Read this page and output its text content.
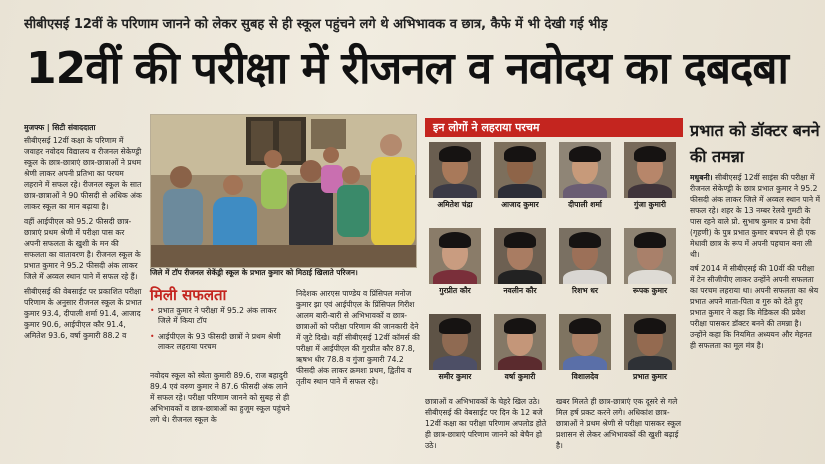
सीबीएसई 12वीं के परिणाम जानने को लेकर सुबह से ही स्कूल पहुंचने लगे थे अभिभावक व छात्र, कैफे में भी देखी गई भीड़
12वीं की परीक्षा में रीजनल व नवोदय का दबदबा
मुजफ्फ | सिटी संवाददाता

सीबीएसई 12वीं कक्षा के परिणाम में जवाहर नवोदय विद्यालय व रीजनल सेकेण्ड्री स्कूल के छात्र-छात्राएं छात्र-छात्राओं ने प्रथम श्रेणी लाकर अपनी प्रतिभा का परचम लहराने में सफल रहे। रीजनल स्कूल के सात छात्र-छात्राओं ने 90 फीसदी से अधिक अंक लाकर स्कूल का मान बढ़ाया है।

वहीं आईपीएल को 95.2 फीसदी छात्र-छात्राएं प्रथम श्रेणी में परीक्षा पास कर अपनी सफलता के खुशी के मन की सफलता का वातावरण है। रीजनल स्कूल के प्रभात कुमार ने 95.2 फीसदी अंक लाकर जिले में अव्वल स्थान पाने में सफल रहे हैं।

सीबीएसई की वेबसाईट पर प्रकाशित परीक्षा परिणाम के अनुसार रीजनल स्कूल के प्रभात कुमार 93.4, दीपाली शर्मा 91.4, आजाद कुमार 90.6, आईपीएल कौर 91.4, अमितेश 93.6, वर्षा कुमारी 88.2 व

जिले में टॉप रीजनल सेकेंड्री स्कूल के प्रभात कुमार को मिठाई खिलाते परिजन।
मिली सफलता
• प्रभात कुमार ने परीक्षा में 95.2 अंक लाकर जिले में किया टॉप
• आईपीएल के 93 फीसदी छात्रों ने प्रथम श्रेणी लाकर लहराया परचम

निदेशक आरएस पाण्डेय व प्रिंसिपल मनोज कुमार झा एवं आईपीएल के प्रिंसिपल गिरीश आलम बारी-बारी से अभिभावकों व छात्र-छात्राओं को परीक्षा परिणाम की जानकारी देने में जुटे दिखे। वहीं सीबीएसई 12वीं कॉमर्स की परीक्षा में आईपीएल की गुरप्रीत कौर 87.8, ऋषभ धीर 78.8 व गुंजा कुमारी 74.2 फीसदी अंक लाकर क्रमशः प्रथम, द्वितीय व तृतीय स्थान पाने में सफल रहे।

नवोदय स्कूल को स्वेता कुमारी 89.6, राज बहादुरी 89.4 एवं वरुण कुमार ने 87.6 फीसदी अंक लाने में सफल रहे। परीक्षा परिणाम जानने को सुबह से ही अभिभावकों व छात्र-छात्राओं का हुजूम स्कूल पहुंचने लगे थे। रीजनल स्कूल के

इन लोगों ने लहराया परचम
अमितेश चंद्रा	आजाद कुमार	दीपाली शर्मा	गुंजा कुमारी
गुरप्रीत कौर	नवलीन कौर	रिशभ धर	रूपक कुमार
समीर कुमार	वर्षा कुमारी	विशालदेव	प्रभात कुमार

छात्राओं व अभिभावकों के चेहरे खिल उठे। सीबीएसई की वेबसाईट पर दिन के 12 बजे 12वीं कक्षा का परीक्षा परिणाम अपलोड होते ही छात्र-छात्राएं परिणाम जानने को बेचैन हो उठे।

खबर मिलते ही छात्र-छात्राएं एक दूसरे से गले मिल हर्ष प्रकट करने लगे। अधिकांश छात्र-छात्राओं ने प्रथम श्रेणी से परीक्षा पासकर स्कूल प्रशासन से लेकर अभिभावकों की खुशी बढ़ाई है।

प्रभात को डॉक्टर बनने की तमन्ना
मधुबनी। सीबीएसई 12वीं साइंस की परीक्षा में रीजनल सेकेण्ड्री के छात्र प्रभात कुमार ने 95.2 फीसदी अंक लाकर जिले में अव्वल स्थान पाने में सफल रहे। शहर के 13 नम्बर रेलवे गुमटी के पास रहने वाले प्रो. सुभाष कुमार व प्रभा देवी (गृहणी) के पुत्र प्रभात कुमार बचपन से ही एक मेधावी छात्र के रूप में अपनी पहचान बना ली थी।

वर्ष 2014 में सीबीएसई की 10वीं की परीक्षा में टेन सीजीपीए लाकर उन्होंने अपनी सफलता का परचम लहराया था। अपनी सफलता का श्रेय प्रभात अपने माता-पिता व गुरु को देते हुए प्रभात कुमार ने कहा कि मेडिकल की प्रवेश परीक्षा पासकर डॉक्टर बनने की तमन्ना है। उन्होंने कहा कि नियमित अध्ययन और मेहनत ही सफलता का मूल मंत्र है।
